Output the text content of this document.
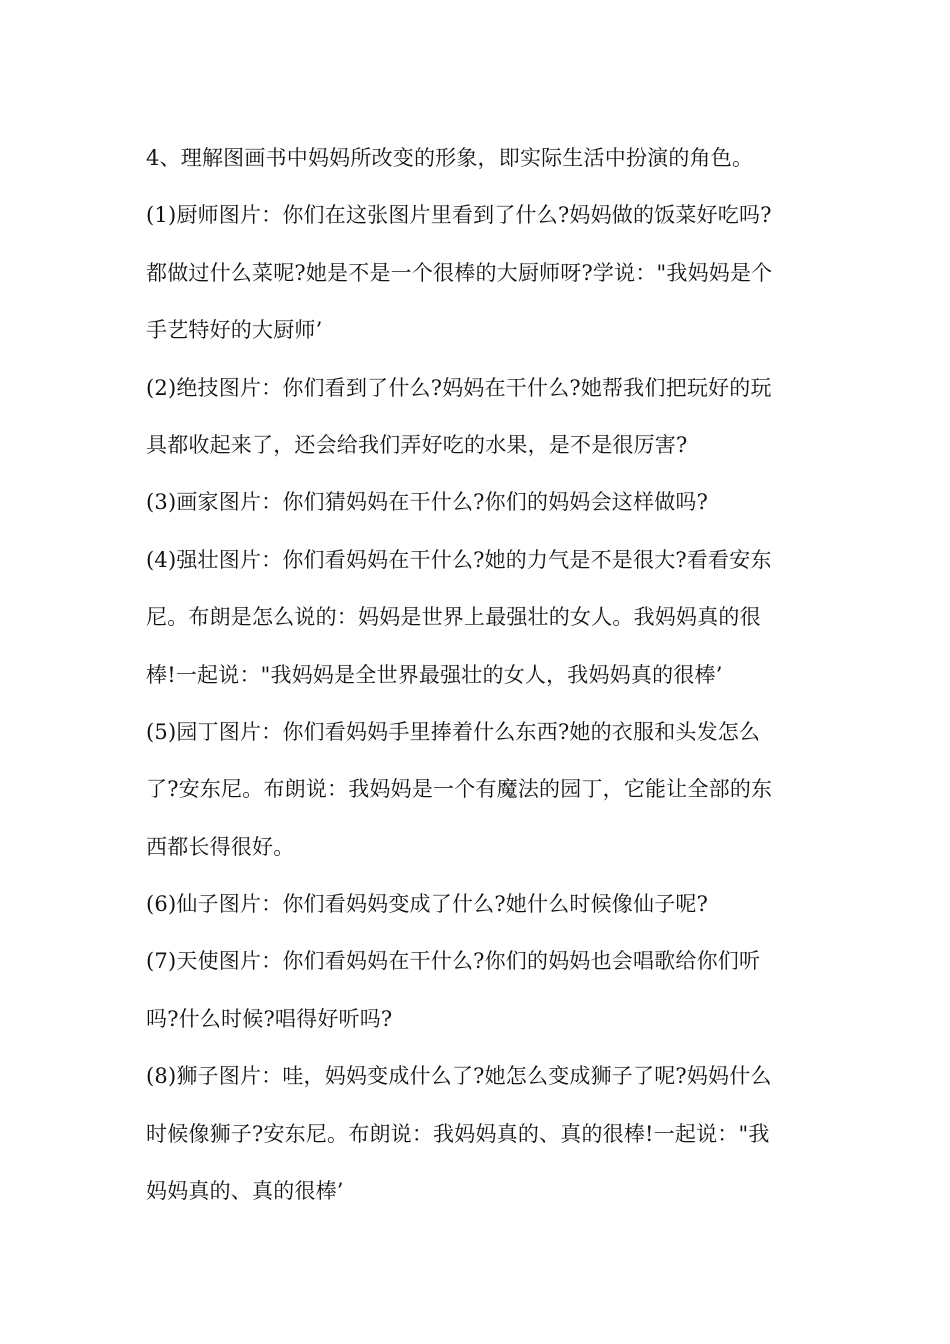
4、理解图画书中妈妈所改变的形象，即实际生活中扮演的角色。
(1)厨师图片：你们在这张图片里看到了什么?妈妈做的饭菜好吃吗?
都做过什么菜呢?她是不是一个很棒的大厨师呀?学说："我妈妈是个
手艺特好的大厨师’
(2)绝技图片：你们看到了什么?妈妈在干什么?她帮我们把玩好的玩
具都收起来了，还会给我们弄好吃的水果，是不是很厉害?
(3)画家图片：你们猜妈妈在干什么?你们的妈妈会这样做吗?
(4)强壮图片：你们看妈妈在干什么?她的力气是不是很大?看看安东
尼。布朗是怎么说的：妈妈是世界上最强壮的女人。我妈妈真的很
棒!一起说："我妈妈是全世界最强壮的女人，我妈妈真的很棒’
(5)园丁图片：你们看妈妈手里捧着什么东西?她的衣服和头发怎么
了?安东尼。布朗说：我妈妈是一个有魔法的园丁，它能让全部的东
西都长得很好。
(6)仙子图片：你们看妈妈变成了什么?她什么时候像仙子呢?
(7)天使图片：你们看妈妈在干什么?你们的妈妈也会唱歌给你们听
吗?什么时候?唱得好听吗?
(8)狮子图片：哇，妈妈变成什么了?她怎么变成狮子了呢?妈妈什么
时候像狮子?安东尼。布朗说：我妈妈真的、真的很棒!一起说："我
妈妈真的、真的很棒’
